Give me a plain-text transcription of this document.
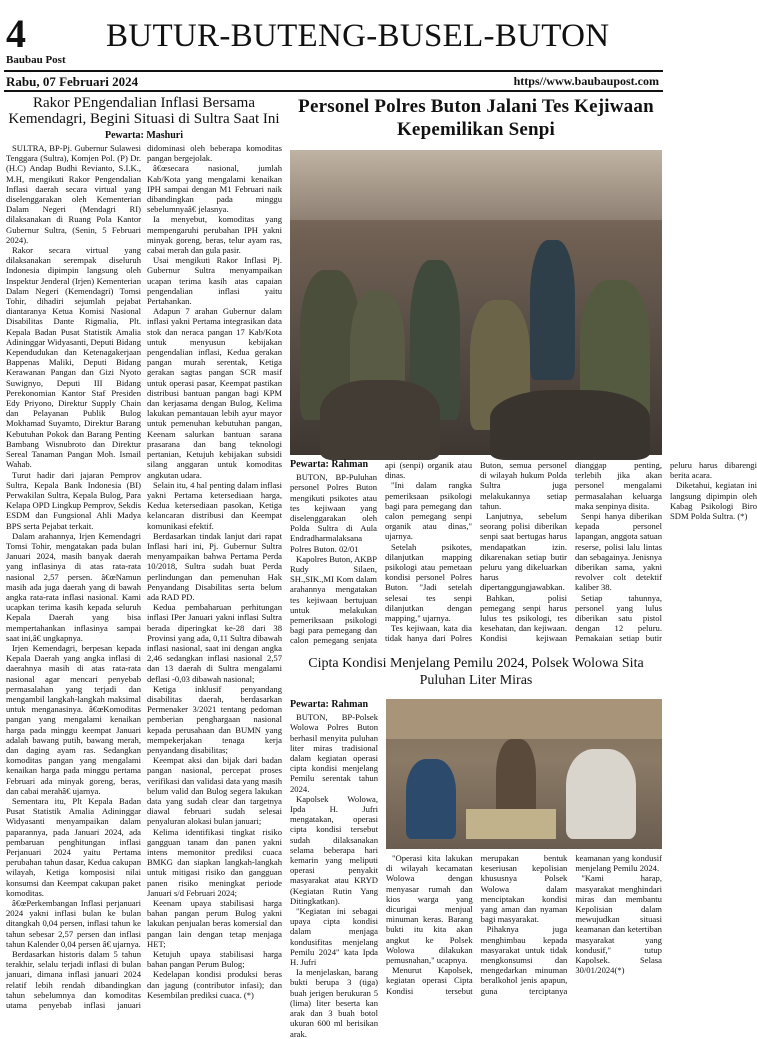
4
Baubau Post
BUTUR-BUTENG-BUSEL-BUTON
Rabu, 07 Februari 2024	https//www.baubaupost.com
Rakor PEngendalian Inflasi Bersama Kemendagri, Begini Situasi di Sultra Saat Ini
Pewarta: Mashuri

SULTRA, BP-Pj. Gubernur Sulawesi Tenggara (Sultra), Komjen Pol. (P) Dr. (H.C) Andap Budhi Revianto, S.I.K., M.H, mengikuti Rakor Pengendalian Inflasi daerah secara virtual yang diselenggarakan oleh Kementerian Dalam Negeri (Mendagri RI) dilaksanakan di Ruang Pola Kantor Gubernur Sultra, (Senin, 5 Februari 2024).

Rakor secara virtual yang dilaksanakan serempak diseluruh Indonesia dipimpin langsung oleh Inspektur Jenderal (Irjen) Kementerian Dalam Negeri (Kemendagri) Tomsi Tohir, dihadiri sejumlah pejabat diantaranya Ketua Komisi Nasional Disabilitas Dante Rigmalia, Plt. Kepala Badan Pusat Statistik Amalia Adininggar Widyasanti, Deputi Bidang Kependudukan dan Ketenagakerjaan Bappenas Maliki, Deputi Bidang Kerawanan Pangan dan Gizi Nyoto Suwignyo, Deputi III Bidang Perekonomian Kantor Staf Presiden Edy Priyono, Direktur Supply Chain dan Pelayanan Publik Bulog Mokhamad Suyamto, Direktur Barang Kebutuhan Pokok dan Barang Penting Bambang Wisnubroto dan Direktur Sereal Tanaman Pangan Moh. Ismail Wahab.

Turut hadir dari jajaran Pemprov Sultra, Kepala Bank Indonesia (BI) Perwakilan Sultra, Kepala Bulog, Para Kelapa OPD Lingkup Pemprov, Sekdis ESDM dan Fungsional Ahli Madya BPS serta Pejabat terkait.

Dalam arahannya, Irjen Kemendagri Tomsi Tohir, mengatakan pada bulan Januari 2024, masih banyak daerah yang inflasinya di atas rata-rata nasional 2,57 persen. â€œNamun masih ada juga daerah yang di bawah angka rata-rata inflasi nasional. Kami ucapkan terima kasih kepada seluruh Kepala Daerah yang bisa mempertahankan inflasinya sampai saat ini,â€ ungkapnya.

Irjen Kemendagri, berpesan kepada Kepala Daerah yang angka inflasi di daerahnya masih di atas rata-rata nasional agar mencari penyebab permasalahan yang terjadi dan mengambil langkah-langkah maksimal untuk menganasinya. â€œKomoditas pangan yang mengalami kenaikan harga pada minggu keempat Januari adalah bawang putih, bawang merah, dan daging ayam ras. Sedangkan komoditas pangan yang mengalami kenaikan harga pada minggu pertama Februari ada minyak goreng, beras, dan cabai merahâ€ ujarnya.

Sementara itu, Plt Kepala Badan Pusat Statistik Amalia Adininggar Widyasanti menyampaikan dalam paparannya, pada Januari 2024, ada pembaruan penghitungan inflasi Perjanuari 2024 yaitu Pertama perubahan tahun dasar, Kedua cakupan wilayah, Ketiga komposisi nilai konsumsi dan Keempat cakupan paket komoditas.

â€œPerkembangan Inflasi perjanuari 2024 yakni inflasi bulan ke bulan ditangkah 0,04 persen, inflasi tahun ke tahun sebesar 2,57 persen dan inflasi tahun Kalender 0,04 persen â€ ujarnya.

Berdasarkan historis dalam 5 tahun terakhir, selalu terjadi inflasi di bulan januari, dimana inflasi januari 2024 relatif lebih rendah dibandingkan tahun sebelumnya dan komoditas utama penyebab inflasi januari didominasi oleh beberapa komoditas pangan bergejolak.

â€œsecara nasional, jumlah Kab/Kota yang mengalami kenaikan IPH sampai dengan M1 Februari naik dibandingkan pada minggu sebelumnyaâ€ jelasnya.

Ia menyebut, komoditas yang mempengaruhi perubahan IPH yakni minyak goreng, beras, telur ayam ras, cabai merah dan gula pasir.

Usai mengikuti Rakor Inflasi Pj. Gubernur Sultra menyampaikan ucapan terima kasih atas capaian pengendalian inflasi yaitu Pertahankan.

Adapun 7 arahan Gubernur dalam inflasi yakni Pertama integrasikan data stok dan neraca pangan 17 Kab/Kota untuk menyusun kebijakan pengendalian inflasi, Kedua gerakan pangan murah serentak, Ketiga gerakan sagtas pangan SCR masif untuk operasi pasar, Keempat pastikan distribusi bantuan pangan bagi KPM dan kerjasama dengan Bulog, Kelima lakukan pemantauan lebih ayur mayor untuk pemenuhan kebutuhan pangan, Keenam salurkan bantuan sarana prasarana dan bang teknologi pertanian, Ketujuh kebijakan subsidi silang anggaran untuk komoditas angkutan udara.

Selain itu, 4 hal penting dalam inflasi yakni Pertama ketersediaan harga, Kedua ketersediaan pasokan, Ketiga kelancaran distribusi dan Keempat komunikasi efektif.

Berdasarkan tindak lanjut dari rapat Inflasi hari ini, Pj. Gubernur Sultra menyampaikan bahwa Pertama Perda 10/2018, Sultra sudah buat Perda perlindungan dan pemenuhan Hak Penyandang Disabilitas serta belum ada RAD PD.

Kedua pembaharuan perhitungan inflasi IPer Januari yakni inflasi Sultra berada diperingkat ke-28 dari 38 Provinsi yang ada, 0,11 Sultra dibawah inflasi nasional, saat ini dengan angka 2,46 sedangkan inflasi nasional 2,57 dan 13 daerah di Sultra mengalami deflasi -0,03 dibawah nasional;

Ketiga inklusif penyandang disabilitas daerah, berdasarkan Permenaker 3/2021 tentang pedoman pemberian penghargaan nasional kepada perusahaan dan BUMN yang mempekerjakan tenaga kerja penyandang disabilitas;

Keempat aksi dan bijak dari badan pangan nasional, percepat proses verifikasi dan validasi data yang masih belum valid dan Bulog segera lakukan data yang sudah clear dan targetnya diawal februari sudah selesai penyaluran alokasi bulan januari;

Kelima identifikasi tingkat risiko gangguan tanam dan panen yakni intens memonitor prediksi cuaca BMKG dan siapkan langkah-langkah untuk mitigasi risiko dan gangguan panen risiko meningkat periode Januari s/d Februari 2024;

Keenam upaya stabilisasi harga bahan pangan perum Bulog yakni lakukan penjualan beras komersial dan pangan lain dengan tetap menjaga HET;

Ketujuh upaya stabilisasi harga bahan pangan Perum Bulog;

Kedelapan kondisi produksi beras dan jagung (contributor infasi); dan Kesembilan prediksi cuaca. (*)

Personel Polres Buton Jalani Tes Kejiwaan Kepemilikan Senpi
Pewarta: Rahman

BUTON, BP-Puluhan personel Polres Buton mengikuti psikotes atau tes kejiwaan yang diselenggarakan oleh Polda Sultra di Aula Endradharmalaksana Polres Buton. 02/01

Kapolres Buton, AKBP Rudy Silaen, SH.,SIK.,MI Kom dalam arahannya mengatakan tes kejiwaan bertujuan untuk melakukan pemeriksaan psikologi bagi para pemegang dan calon pemegang senjata api (senpi) organik atau dinas.

"Ini dalam rangka pemeriksaan psikologi bagi para pemegang dan calon pemegang senpi organik atau dinas," ujarnya.

Setelah psikotes, dilanjutkan mapping psikologi atau pemetaan kondisi personel Polres Buton. "Jadi setelah selesai tes senpi dilanjutkan dengan mapping," ujarnya.

Tes kejiwaan, kata dia tidak hanya dari Polres Buton, semua personel di wilayah hukum Polda Sultra juga melakukannya setiap tahun.

Lanjutnya, sebelum seorang polisi diberikan senpi saat bertugas harus mendapatkan izin. dikarenakan setiap butir peluru yang dikeluarkan harus dipertanggungjawabkan.

Bahkan, polisi pemegang senpi harus lulus tes psikologi, tes kesehatan, dan kejiwaan. Kondisi kejiwaan dianggap penting, terlebih jika akan personel mengalami permasalahan keluarga maka senpinya disita.

Senpi hanya diberikan kepada personel lapangan, anggota satuan reserse, polisi lalu lintas dan sebagainya. Jenisnya diberikan sama, yakni revolver colt detektif kaliber 38.

Setiap tahunnya, personel yang lulus diberikan satu pistol dengan 12 peluru. Pemakaian setiap butir peluru harus dibarengi berita acara.

Diketahui, kegiatan ini langsung dipimpin oleh Kabag Psikologi Biro SDM Polda Sultra. (*)

Cipta Kondisi Menjelang Pemilu 2024, Polsek Wolowa Sita Puluhan Liter Miras
Pewarta: Rahman

BUTON, BP-Polsek Wolowa Polres Buton berhasil menyita puluhan liter miras tradisional dalam kegiatan operasi cipta kondisi menjelang Pemilu serentak tahun 2024.

Kapolsek Wolowa, Ipda H. Jufri mengatakan, operasi cipta kondisi tersebut sudah dilaksanakan selama beberapa hari kemarin yang meliputi operasi penyakit masyarakat atau KRYD (Kegiatan Rutin Yang Ditingkatkan).

"Kegiatan ini sebagai upaya cipta kondisi dalam menjaga kondusifitas menjelang Pemilu 2024" kata Ipda H. Jufri

Ia menjelaskan, barang bukti berupa 3 (tiga) buah jerigen berukuran 5 (lima) liter beserta kan arak dan 3 buah botol ukuran 600 ml berisikan arak.

"Operasi kita lakukan di wilayah kecamatan Wolowa dengan menyasar rumah dan kios warga yang dicurigai menjual minuman keras. Barang bukti itu kita akan angkut ke Polsek Wolowa dilakukan pemusnahan," ucapnya.

Menurut Kapolsek, kegiatan operasi Cipta Kondisi tersebut merupakan bentuk keseriusan kepolisian khususnya Polsek Wolowa dalam menciptakan kondisi yang aman dan nyaman bagi masyarakat.

Pihaknya juga menghimbau kepada masyarakat untuk tidak mengkonsumsi dan mengedarkan minuman beralkohol jenis apapun, guna terciptanya keamanan yang kondusif menjelang Pemilu 2024.

"Kami harap, masyarakat menghindari miras dan membantu Kepolisian dalam mewujudkan situasi keamanan dan ketertiban masyarakat yang kondusif," tutup Kapolsek. Selasa 30/01/2024(*)
